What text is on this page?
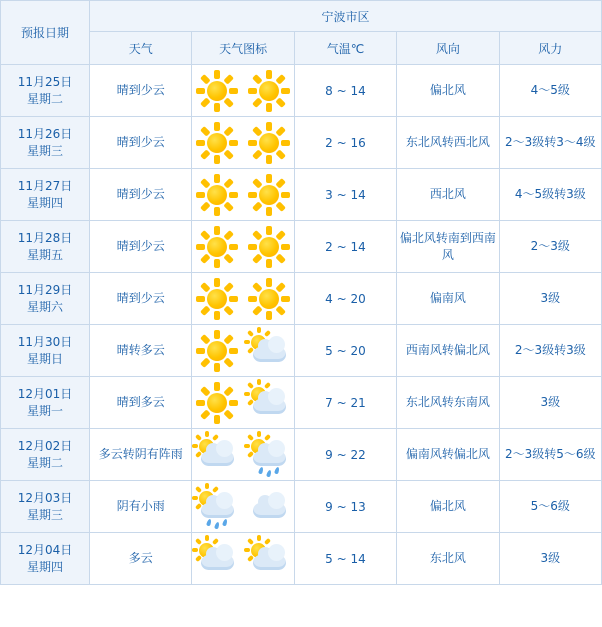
预报日期	宁波市区				
	天气	天气图标	气温℃	风向	风力

11月25日
星期二	晴到少云		8 ~ 14	偏北风	4～5级

11月26日
星期三	晴到少云		2 ~ 16	东北风转西北风	2～3级转3～4级

11月27日
星期四	晴到少云		3 ~ 14	西北风	4～5级转3级

11月28日
星期五	晴到少云		2 ~ 14	偏北风转南到西南风	2～3级

11月29日
星期六	晴到少云		4 ~ 20	偏南风	3级

11月30日
星期日	晴转多云		5 ~ 20	西南风转偏北风	2～3级转3级

12月01日
星期一	晴到多云		7 ~ 21	东北风转东南风	3级

12月02日
星期二	多云转阴有阵雨		9 ~ 22	偏南风转偏北风	2～3级转5～6级

12月03日
星期三	阴有小雨		9 ~ 13	偏北风	5～6级

12月04日
星期四	多云		5 ~ 14	东北风	3级
